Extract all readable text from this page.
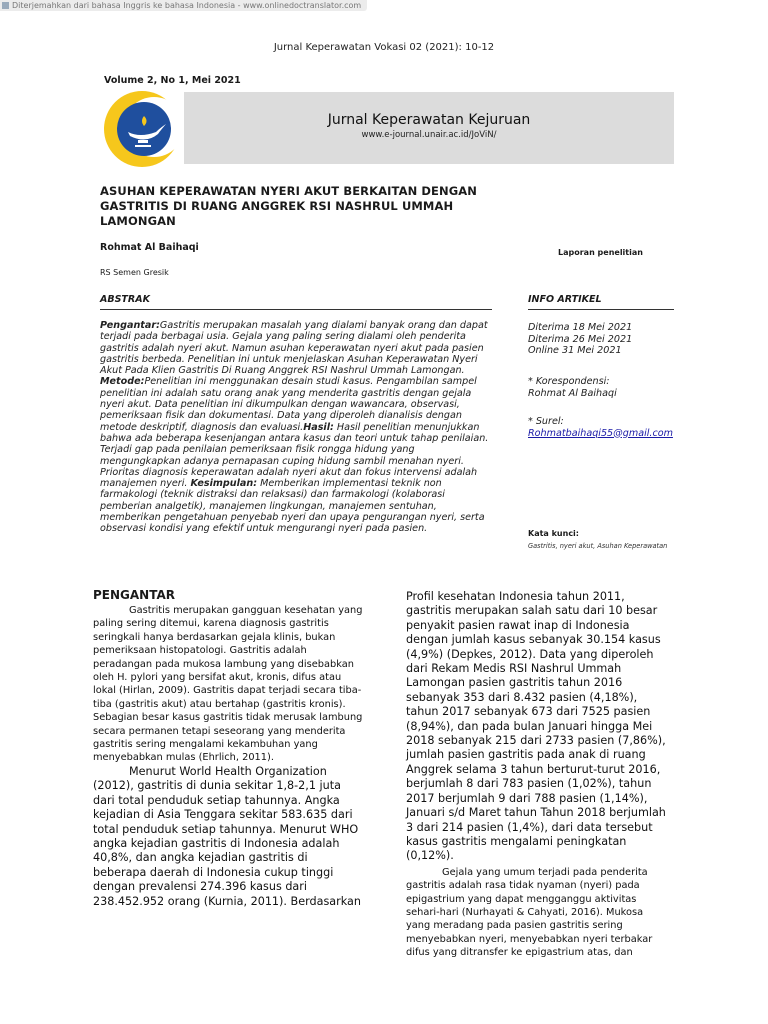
Diterjemahkan dari bahasa Inggris ke bahasa Indonesia - www.onlinedoctranslator.com
Jurnal Keperawatan Vokasi 02 (2021): 10-12
Volume 2, No 1, Mei 2021
Jurnal Keperawatan Kejuruan
www.e-journal.unair.ac.id/JoViN/
ASUHAN KEPERAWATAN NYERI AKUT BERKAITAN DENGAN
GASTRITIS DI RUANG ANGGREK RSI NASHRUL UMMAH
LAMONGAN
Rohmat Al Baihaqi
RS Semen Gresik
Laporan penelitian
ABSTRAK	INFO ARTIKEL
Pengantar:Gastritis merupakan masalah yang dialami banyak orang dan dapat terjadi pada berbagai usia. Gejala yang paling sering dialami oleh penderita gastritis adalah nyeri akut. Namun asuhan keperawatan nyeri akut pada pasien gastritis berbeda. Penelitian ini untuk menjelaskan Asuhan Keperawatan Nyeri Akut Pada Klien Gastritis Di Ruang Anggrek RSI Nashrul Ummah Lamongan. Metode:Penelitian ini menggunakan desain studi kasus. Pengambilan sampel penelitian ini adalah satu orang anak yang menderita gastritis dengan gejala nyeri akut. Data penelitian ini dikumpulkan dengan wawancara, observasi, pemeriksaan fisik dan dokumentasi. Data yang diperoleh dianalisis dengan metode deskriptif, diagnosis dan evaluasi.Hasil: Hasil penelitian menunjukkan bahwa ada beberapa kesenjangan antara kasus dan teori untuk tahap penilaian. Terjadi gap pada penilaian pemeriksaan fisik rongga hidung yang mengungkapkan adanya pernapasan cuping hidung sambil menahan nyeri. Prioritas diagnosis keperawatan adalah nyeri akut dan fokus intervensi adalah manajemen nyeri. Kesimpulan: Memberikan implementasi teknik non farmakologi (teknik distraksi dan relaksasi) dan farmakologi (kolaborasi pemberian analgetik), manajemen lingkungan, manajemen sentuhan, memberikan pengetahuan penyebab nyeri dan upaya pengurangan nyeri, serta observasi kondisi yang efektif untuk mengurangi nyeri pada pasien.
Diterima 18 Mei 2021
Diterima 26 Mei 2021
Online 31 Mei 2021
* Korespondensi:
Rohmat Al Baihaqi
* Surel:
Rohmatbaihaqi55@gmail.com
Kata kunci:
Gastritis, nyeri akut, Asuhan Keperawatan
PENGANTAR

Gastritis merupakan gangguan kesehatan yang paling sering ditemui, karena diagnosis gastritis seringkali hanya berdasarkan gejala klinis, bukan pemeriksaan histopatologi. Gastritis adalah peradangan pada mukosa lambung yang disebabkan oleh H. pylori yang bersifat akut, kronis, difus atau lokal (Hirlan, 2009). Gastritis dapat terjadi secara tiba-tiba (gastritis akut) atau bertahap (gastritis kronis). Sebagian besar kasus gastritis tidak merusak lambung secara permanen tetapi seseorang yang menderita gastritis sering mengalami kekambuhan yang menyebabkan mulas (Ehrlich, 2011).

Menurut World Health Organization (2012), gastritis di dunia sekitar 1,8-2,1 juta dari total penduduk setiap tahunnya. Angka kejadian di Asia Tenggara sekitar 583.635 dari total penduduk setiap tahunnya. Menurut WHO angka kejadian gastritis di Indonesia adalah 40,8%, dan angka kejadian gastritis di beberapa daerah di Indonesia cukup tinggi dengan prevalensi 274.396 kasus dari 238.452.952 orang (Kurnia, 2011). Berdasarkan

Profil kesehatan Indonesia tahun 2011, gastritis merupakan salah satu dari 10 besar penyakit pasien rawat inap di Indonesia dengan jumlah kasus sebanyak 30.154 kasus (4,9%) (Depkes, 2012). Data yang diperoleh dari Rekam Medis RSI Nashrul Ummah Lamongan pasien gastritis tahun 2016 sebanyak 353 dari 8.432 pasien (4,18%), tahun 2017 sebanyak 673 dari 7525 pasien (8,94%), dan pada bulan Januari hingga Mei 2018 sebanyak 215 dari 2733 pasien (7,86%), jumlah pasien gastritis pada anak di ruang Anggrek selama 3 tahun berturut-turut 2016, berjumlah 8 dari 783 pasien (1,02%), tahun 2017 berjumlah 9 dari 788 pasien (1,14%), Januari s/d Maret tahun Tahun 2018 berjumlah 3 dari 214 pasien (1,4%), dari data tersebut kasus gastritis mengalami peningkatan (0,12%).

Gejala yang umum terjadi pada penderita gastritis adalah rasa tidak nyaman (nyeri) pada epigastrium yang dapat mengganggu aktivitas sehari-hari (Nurhayati & Cahyati, 2016). Mukosa yang meradang pada pasien gastritis sering menyebabkan nyeri, menyebabkan nyeri terbakar difus yang ditransfer ke epigastrium atas, dan
